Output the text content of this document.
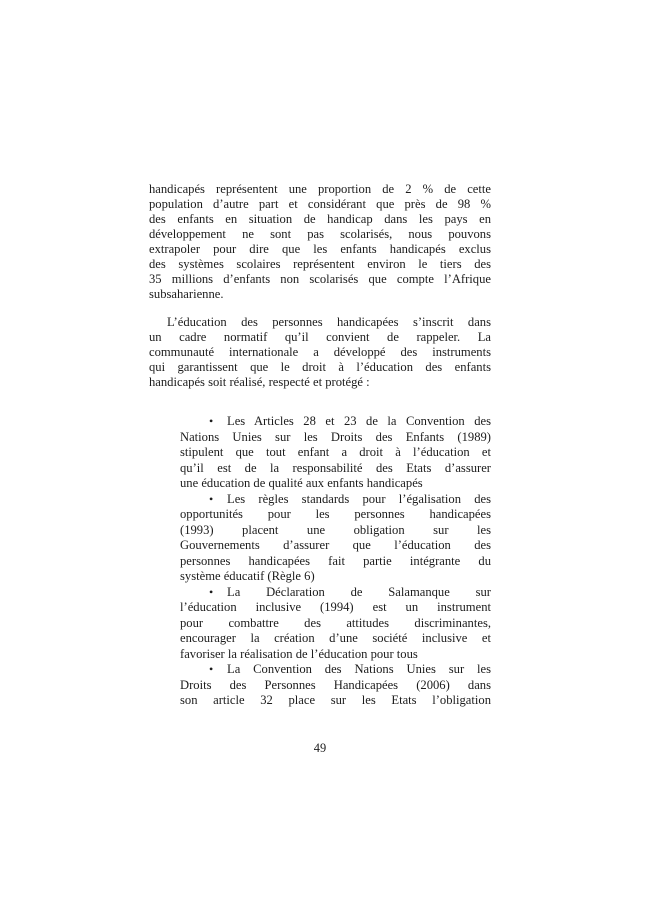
handicapés représentent une proportion de 2 % de cette
population d’autre part et considérant que près de 98 %
des enfants en situation de handicap dans les pays en
développement ne sont pas scolarisés, nous pouvons
extrapoler pour dire que les enfants handicapés exclus
des systèmes scolaires représentent environ le tiers des
35 millions d’enfants non scolarisés que compte l’Afrique
subsaharienne.
L’éducation des personnes handicapées s’inscrit dans
un cadre normatif qu’il convient de rappeler. La
communauté internationale a développé des instruments
qui garantissent que le droit à l’éducation des enfants
handicapés soit réalisé, respecté et protégé :
• Les Articles 28 et 23 de la Convention des
Nations Unies sur les Droits des Enfants (1989)
stipulent que tout enfant a droit à l’éducation et
qu’il est de la responsabilité des Etats d’assurer
une éducation de qualité aux enfants handicapés
• Les règles standards pour l’égalisation des
opportunités pour les personnes handicapées
(1993) placent une obligation sur les
Gouvernements d’assurer que l’éducation des
personnes handicapées fait partie intégrante du
système éducatif (Règle 6)
• La Déclaration de Salamanque sur
l’éducation inclusive (1994) est un instrument
pour combattre des attitudes discriminantes,
encourager la création d’une société inclusive et
favoriser la réalisation de l’éducation pour tous
• La Convention des Nations Unies sur les
Droits des Personnes Handicapées (2006) dans
son article 32 place sur les Etats l’obligation
49
